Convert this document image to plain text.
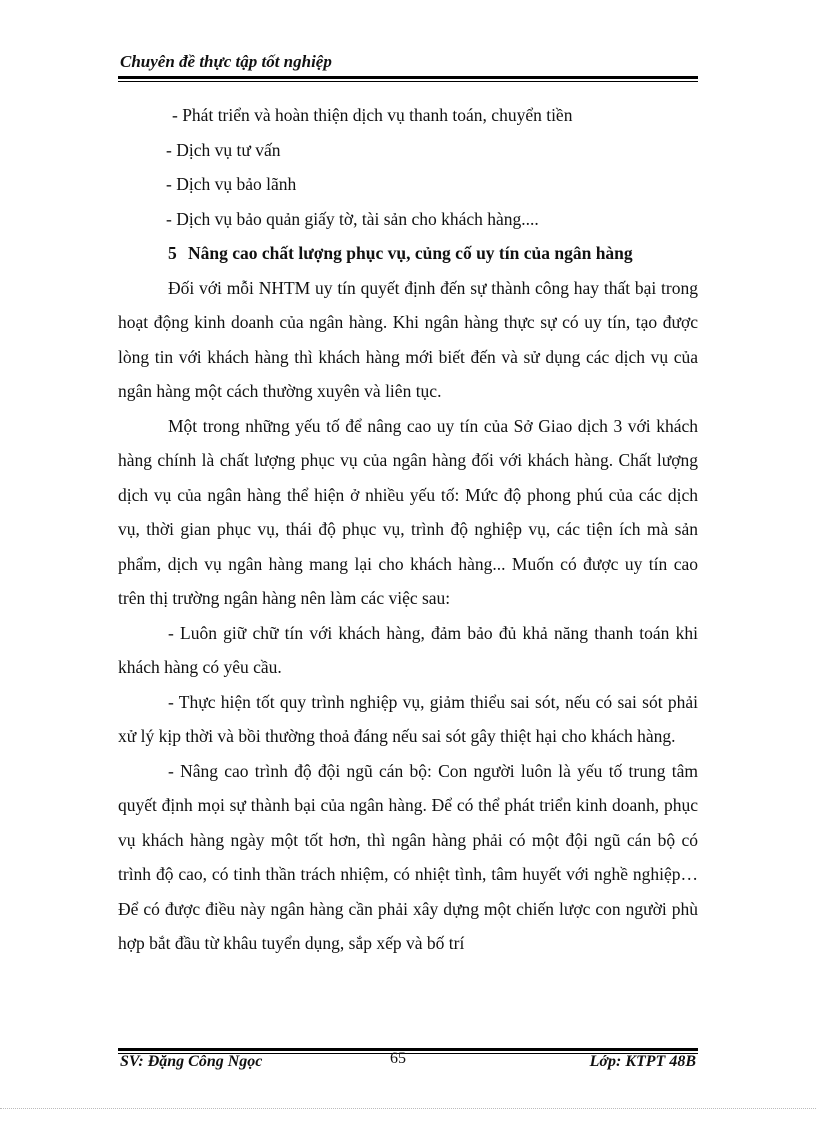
Chuyên đề thực tập tốt nghiệp

- Phát triển và hoàn thiện dịch vụ thanh toán, chuyển tiền

- Dịch vụ tư vấn

- Dịch vụ bảo lãnh

- Dịch vụ bảo quản giấy tờ, tài sản cho khách hàng....

5 Nâng cao chất lượng phục vụ, củng cố uy tín của ngân hàng

Đối với mỗi NHTM uy tín quyết định đến sự thành công hay thất bại trong hoạt động kinh doanh của ngân hàng. Khi ngân hàng thực sự có uy tín, tạo được lòng tin với khách hàng thì khách hàng mới biết đến và sử dụng các dịch vụ của ngân hàng một cách thường xuyên và liên tục.

Một trong những yếu tố để nâng cao uy tín của Sở Giao dịch 3 với khách hàng chính là chất lượng phục vụ của ngân hàng đối với khách hàng. Chất lượng dịch vụ của ngân hàng thể hiện ở nhiều yếu tố: Mức độ phong phú của các dịch vụ, thời gian phục vụ, thái độ phục vụ, trình độ nghiệp vụ, các tiện ích mà sản phẩm, dịch vụ ngân hàng mang lại cho khách hàng... Muốn có được uy tín cao trên thị trường ngân hàng nên làm các việc sau:

- Luôn giữ chữ tín với khách hàng, đảm bảo đủ khả năng thanh toán khi khách hàng có yêu cầu.

- Thực hiện tốt quy trình nghiệp vụ, giảm thiểu sai sót, nếu có sai sót phải xử lý kịp thời và bồi thường thoả đáng nếu sai sót gây thiệt hại cho khách hàng.

- Nâng cao trình độ đội ngũ cán bộ: Con người luôn là yếu tố trung tâm quyết định mọi sự thành bại của ngân hàng. Để có thể phát triển kinh doanh, phục vụ khách hàng ngày một tốt hơn, thì ngân hàng phải có một đội ngũ cán bộ có trình độ cao, có tinh thần trách nhiệm, có nhiệt tình, tâm huyết với nghề nghiệp… Để có được điều này ngân hàng cần phải xây dựng một chiến lược con người phù hợp bắt đầu từ khâu tuyển dụng, sắp xếp và bố trí

SV: Đặng Công Ngọc	65	Lớp: KTPT 48B
